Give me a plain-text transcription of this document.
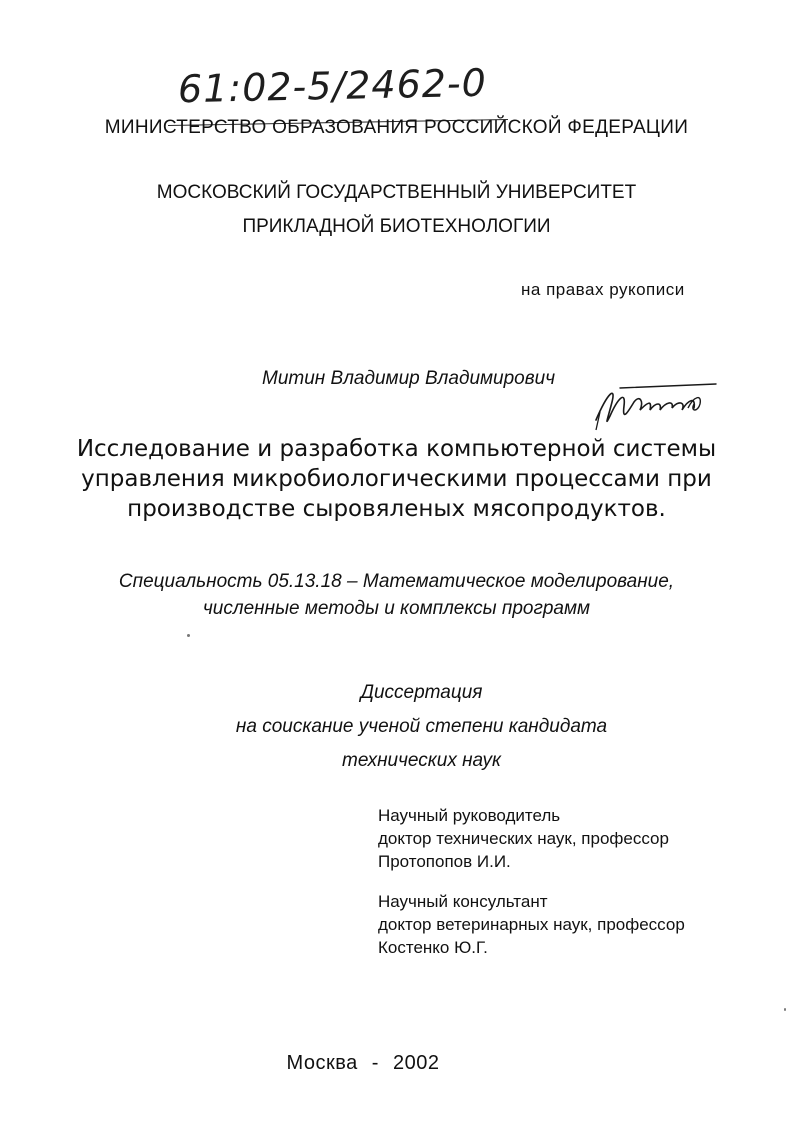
61:02-5/2462-0
МИНИСТЕРСТВО ОБРАЗОВАНИЯ РОССИЙСКОЙ ФЕДЕРАЦИИ
МОСКОВСКИЙ ГОСУДАРСТВЕННЫЙ УНИВЕРСИТЕТ
ПРИКЛАДНОЙ БИОТЕХНОЛОГИИ
на правах рукописи
Митин Владимир Владимирович
Исследование и разработка компьютерной системы
управления микробиологическими процессами при
производстве сыровяленых мясопродуктов.
Специальность 05.13.18 – Математическое моделирование,
численные методы и комплексы программ
Диссертация
на соискание ученой степени кандидата
технических наук
Научный руководитель
доктор технических наук, профессор
Протопопов И.И.
Научный консультант
доктор ветеринарных наук, профессор
Костенко Ю.Г.
Москва - 2002
